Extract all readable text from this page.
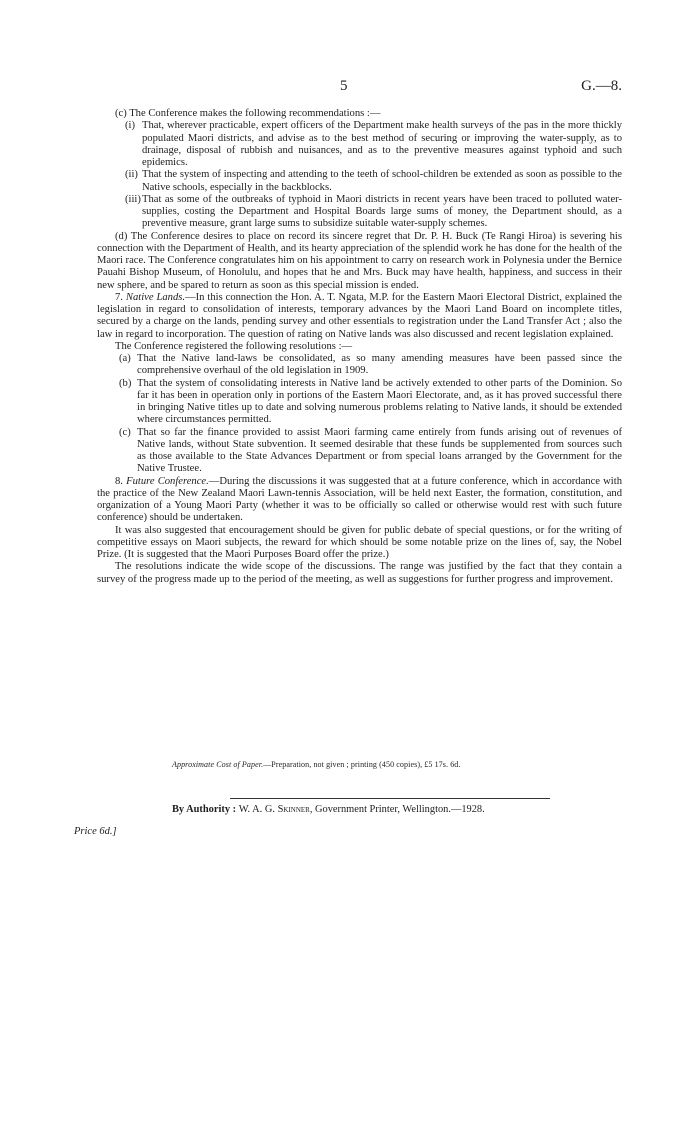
5	G.—8.

(c) The Conference makes the following recommendations :—

(i) That, wherever practicable, expert officers of the Department make health surveys of the pas in the more thickly populated Maori districts, and advise as to the best method of securing or improving the water-supply, as to drainage, disposal of rubbish and nuisances, and as to the preventive measures against typhoid and such epidemics.

(ii) That the system of inspecting and attending to the teeth of school-children be extended as soon as possible to the Native schools, especially in the backblocks.

(iii)That as some of the outbreaks of typhoid in Maori districts in recent years have been traced to polluted water-supplies, costing the Department and Hospital Boards large sums of money, the Department should, as a preventive measure, grant large sums to subsidize suitable water-supply schemes.

(d) The Conference desires to place on record its sincere regret that Dr. P. H. Buck (Te Rangi Hiroa) is severing his connection with the Department of Health, and its hearty appreciation of the splendid work he has done for the health of the Maori race. The Conference congratulates him on his appointment to carry on research work in Polynesia under the Bernice Pauahi Bishop Museum, of Honolulu, and hopes that he and Mrs. Buck may have health, happiness, and success in their new sphere, and be spared to return as soon as this special mission is ended.

7. Native Lands.—In this connection the Hon. A. T. Ngata, M.P. for the Eastern Maori Electoral District, explained the legislation in regard to consolidation of interests, temporary advances by the Maori Land Board on incomplete titles, secured by a charge on the lands, pending survey and other essentials to registration under the Land Transfer Act ; also the law in regard to incorporation. The question of rating on Native lands was also discussed and recent legislation explained.

The Conference registered the following resolutions :—

(a) That the Native land-laws be consolidated, as so many amending measures have been passed since the comprehensive overhaul of the old legislation in 1909.

(b) That the system of consolidating interests in Native land be actively extended to other parts of the Dominion. So far it has been in operation only in portions of the Eastern Maori Electorate, and, as it has proved successful there in bringing Native titles up to date and solving numerous problems relating to Native lands, it should be extended where circumstances permitted.

(c) That so far the finance provided to assist Maori farming came entirely from funds arising out of revenues of Native lands, without State subvention. It seemed desirable that these funds be supplemented from sources such as those available to the State Advances Department or from special loans arranged by the Government for the Native Trustee.

8. Future Conference.—During the discussions it was suggested that at a future conference, which in accordance with the practice of the New Zealand Maori Lawn-tennis Association, will be held next Easter, the formation, constitution, and organization of a Young Maori Party (whether it was to be officially so called or otherwise would rest with such future conference) should be undertaken.

It was also suggested that encouragement should be given for public debate of special questions, or for the writing of competitive essays on Maori subjects, the reward for which should be some notable prize on the lines of, say, the Nobel Prize. (It is suggested that the Maori Purposes Board offer the prize.)

The resolutions indicate the wide scope of the discussions. The range was justified by the fact that they contain a survey of the progress made up to the period of the meeting, as well as suggestions for further progress and improvement.

Approximate Cost of Paper.—Preparation, not given ; printing (450 copies), £5 17s. 6d.
By Authority : W. A. G. Skinner, Government Printer, Wellington.—1928.
Price 6d.]
